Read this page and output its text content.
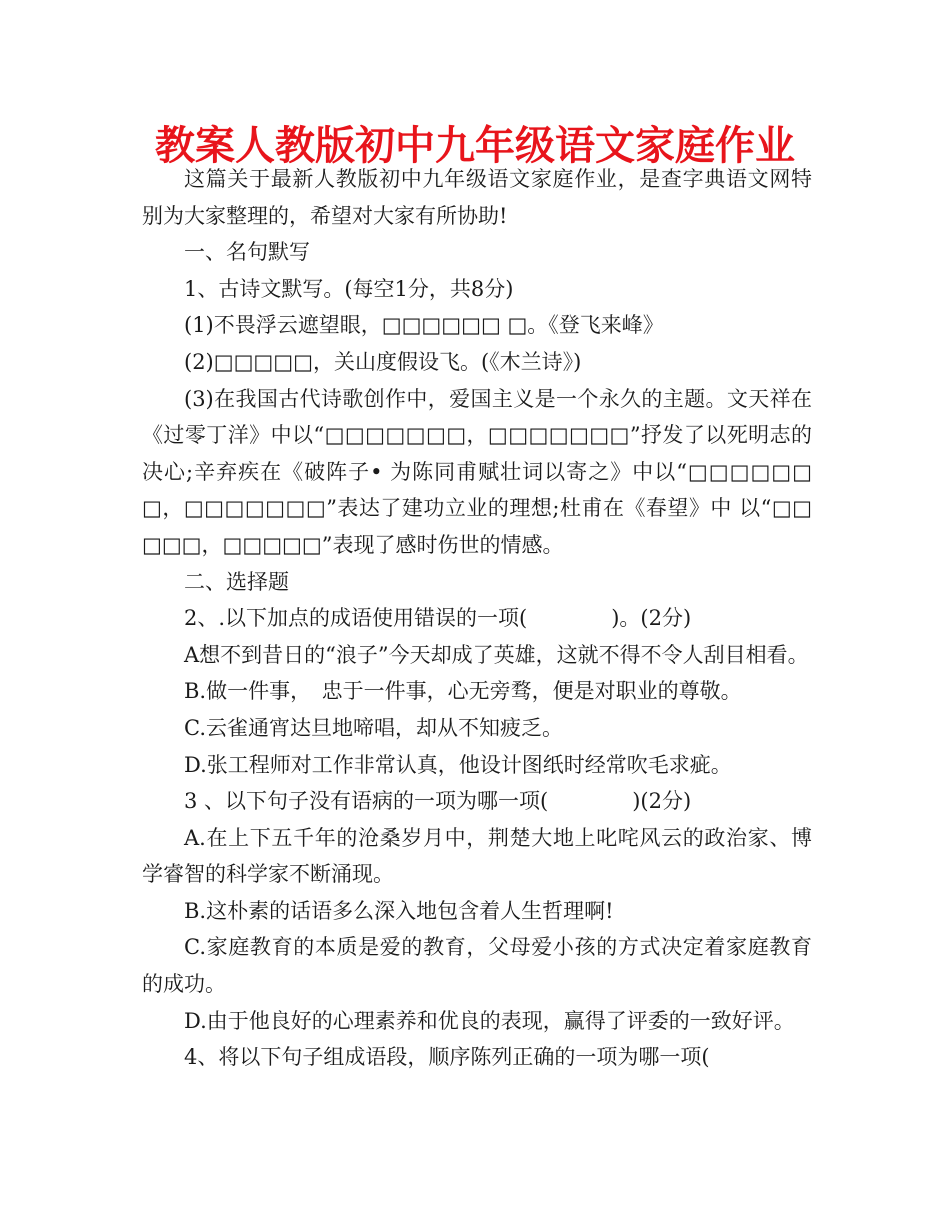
教案人教版初中九年级语文家庭作业

这篇关于最新人教版初中九年级语文家庭作业，是查字典语文网特别为大家整理的，希望对大家有所协助!

一、名句默写

1、古诗文默写。(每空1分，共8分)

(1)不畏浮云遮望眼，□□□□□□ □。《登飞来峰》

(2)□□□□□，关山度假设飞。(《木兰诗》)

(3)在我国古代诗歌创作中，爱国主义是一个永久的主题。文天祥在《过零丁洋》中以“□□□□□□□，□□□□□□□”抒发了以死明志的决心;辛弃疾在《破阵子• 为陈同甫赋壮词以寄之》中以“□□□□□□□，□□□□□□□”表达了建功立业的理想;杜甫在《春望》中 以“□□□□□，□□□□□”表现了感时伤世的情感。

二、选择题

2、.以下加点的成语使用错误的一项(　　　　)。(2分)

A想不到昔日的“浪子”今天却成了英雄，这就不得不令人刮目相看。

B.做一件事，　忠于一件事，心无旁骛，便是对职业的尊敬。

C.云雀通宵达旦地啼唱，却从不知疲乏。

D.张工程师对工作非常认真，他设计图纸时经常吹毛求疵。

3 、以下句子没有语病的一项为哪一项(　　　　)(2分)

A.在上下五千年的沧桑岁月中，荆楚大地上叱咤风云的政治家、博学睿智的科学家不断涌现。

B.这朴素的话语多么深入地包含着人生哲理啊!

C.家庭教育的本质是爱的教育，父母爱小孩的方式决定着家庭教育的成功。

D.由于他良好的心理素养和优良的表现，赢得了评委的一致好评。

4、将以下句子组成语段，顺序陈列正确的一项为哪一项(
